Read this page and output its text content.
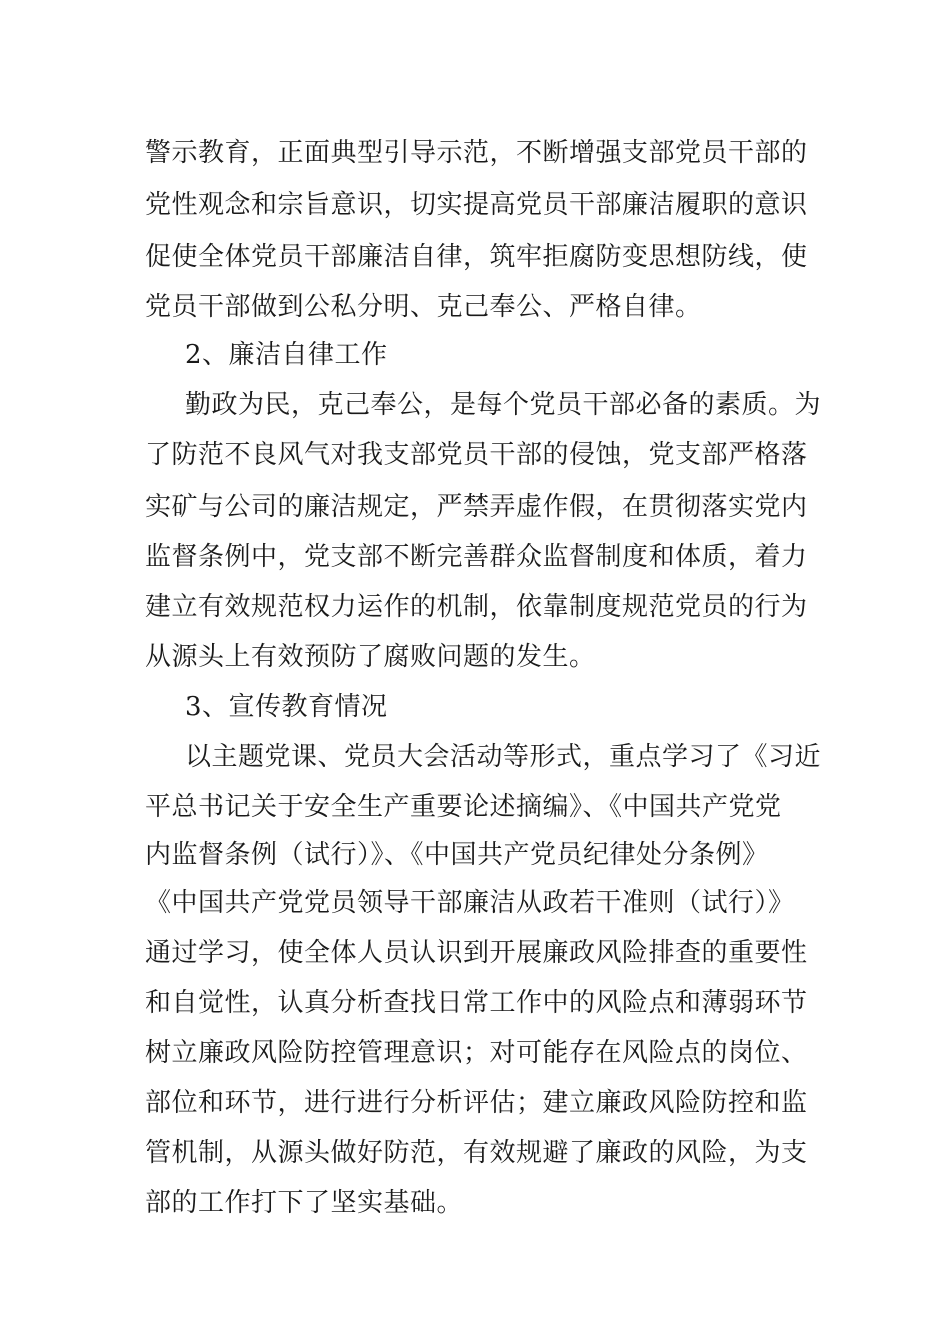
警示教育，正面典型引导示范，不断增强支部党员干部的
党性观念和宗旨意识，切实提高党员干部廉洁履职的意识
促使全体党员干部廉洁自律，筑牢拒腐防变思想防线，使
党员干部做到公私分明、克己奉公、严格自律。
2、廉洁自律工作
勤政为民，克己奉公，是每个党员干部必备的素质。为
了防范不良风气对我支部党员干部的侵蚀，党支部严格落
实矿与公司的廉洁规定，严禁弄虚作假，在贯彻落实党内
监督条例中，党支部不断完善群众监督制度和体质，着力
建立有效规范权力运作的机制，依靠制度规范党员的行为
从源头上有效预防了腐败问题的发生。
3、宣传教育情况
以主题党课、党员大会活动等形式，重点学习了《习近
平总书记关于安全生产重要论述摘编》、《中国共产党党
内监督条例（试行）》、《中国共产党员纪律处分条例》
《中国共产党党员领导干部廉洁从政若干准则（试行）》
通过学习，使全体人员认识到开展廉政风险排查的重要性
和自觉性，认真分析查找日常工作中的风险点和薄弱环节
树立廉政风险防控管理意识；对可能存在风险点的岗位、
部位和环节，进行进行分析评估；建立廉政风险防控和监
管机制，从源头做好防范，有效规避了廉政的风险，为支
部的工作打下了坚实基础。
